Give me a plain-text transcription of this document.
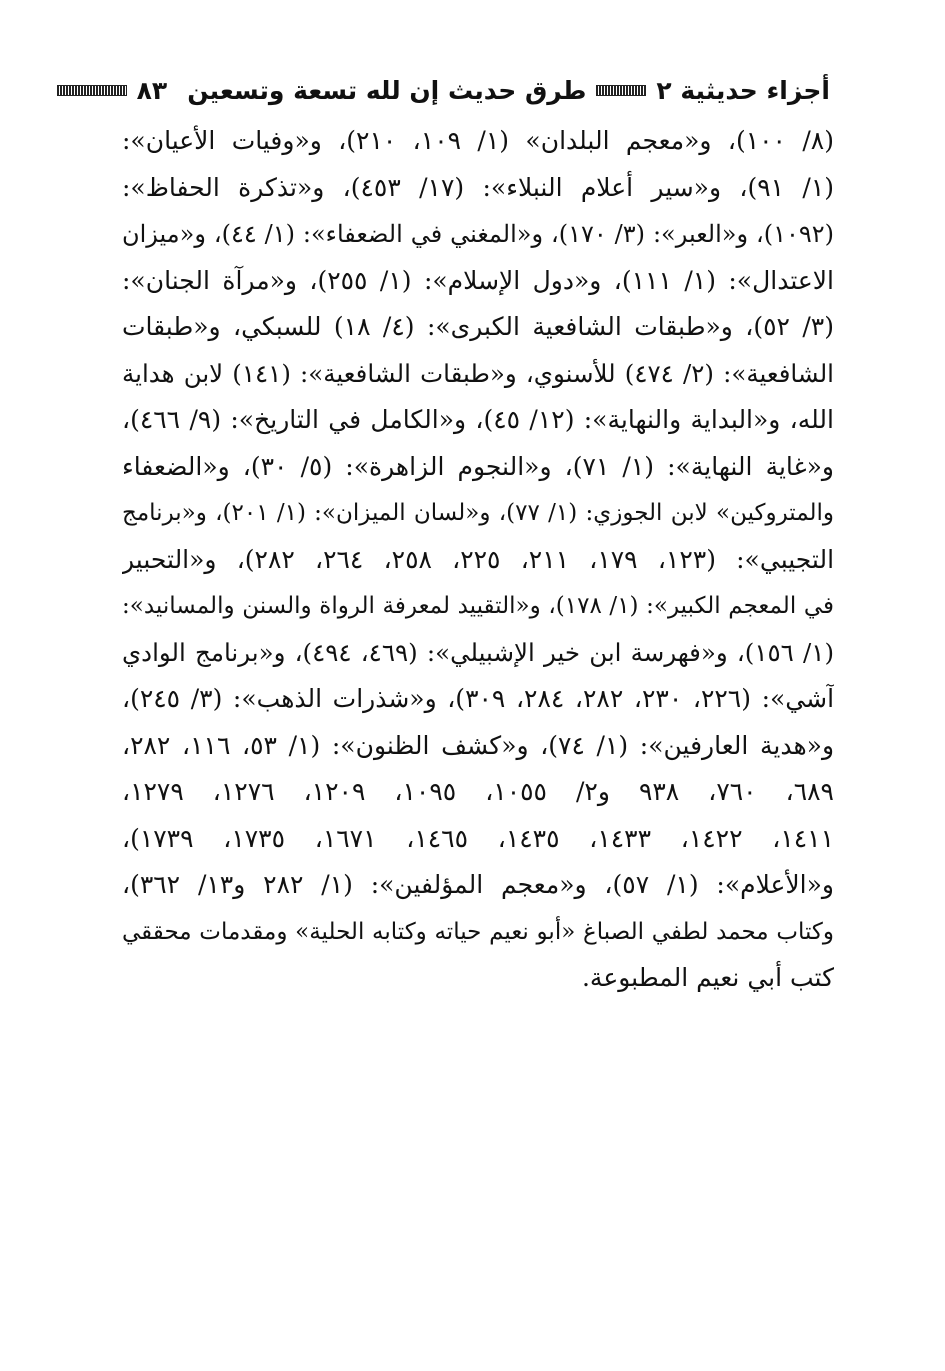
أجزاء حديثية ٢
طرق حديث إن لله تسعة وتسعين
٨٣
(٨/ ١٠٠)، و«معجم البلدان» (١/ ١٠٩، ٢١٠)، و«وفيات الأعيان»:
(١/ ٩١)، و«سير أعلام النبلاء»: (١٧/ ٤٥٣)، و«تذكرة الحفاظ»:
(١٠٩٢)، و«العبر»: (٣/ ١٧٠)، و«المغني في الضعفاء»: (١/ ٤٤)، و«ميزان
الاعتدال»: (١/ ١١١)، و«دول الإسلام»: (١/ ٢٥٥)، و«مرآة الجنان»:
(٣/ ٥٢)، و«طبقات الشافعية الكبرى»: (٤/ ١٨) للسبكي، و«طبقات
الشافعية»: (٢/ ٤٧٤) للأسنوي، و«طبقات الشافعية»: (١٤١) لابن هداية
الله، و«البداية والنهاية»: (١٢/ ٤٥)، و«الكامل في التاريخ»: (٩/ ٤٦٦)،
و«غاية النهاية»: (١/ ٧١)، و«النجوم الزاهرة»: (٥/ ٣٠)، و«الضعفاء
والمتروكين» لابن الجوزي: (١/ ٧٧)، و«لسان الميزان»: (١/ ٢٠١)، و«برنامج
التجيبي»: (١٢٣، ١٧٩، ٢١١، ٢٢٥، ٢٥٨، ٢٦٤، ٢٨٢)، و«التحبير
في المعجم الكبير»: (١/ ١٧٨)، و«التقييد لمعرفة الرواة والسنن والمسانيد»:
(١/ ١٥٦)، و«فهرسة ابن خير الإشبيلي»: (٤٦٩، ٤٩٤)، و«برنامج الوادي
آشي»: (٢٢٦، ٢٣٠، ٢٨٢، ٢٨٤، ٣٠٩)، و«شذرات الذهب»: (٣/ ٢٤٥)،
و«هدية العارفين»: (١/ ٧٤)، و«كشف الظنون»: (١/ ٥٣، ١١٦، ٢٨٢،
٦٨٩، ٧٦٠، ٩٣٨ و٢/ ١٠٥٥، ١٠٩٥، ١٢٠٩، ١٢٧٦، ١٢٧٩،
١٤١١، ١٤٢٢، ١٤٣٣، ١٤٣٥، ١٤٦٥، ١٦٧١، ١٧٣٥، ١٧٣٩)،
و«الأعلام»: (١/ ٥٧)، و«معجم المؤلفين»: (١/ ٢٨٢ و١٣/ ٣٦٢)،
وكتاب محمد لطفي الصباغ «أبو نعيم حياته وكتابه الحلية» ومقدمات محققي
كتب أبي نعيم المطبوعة.
